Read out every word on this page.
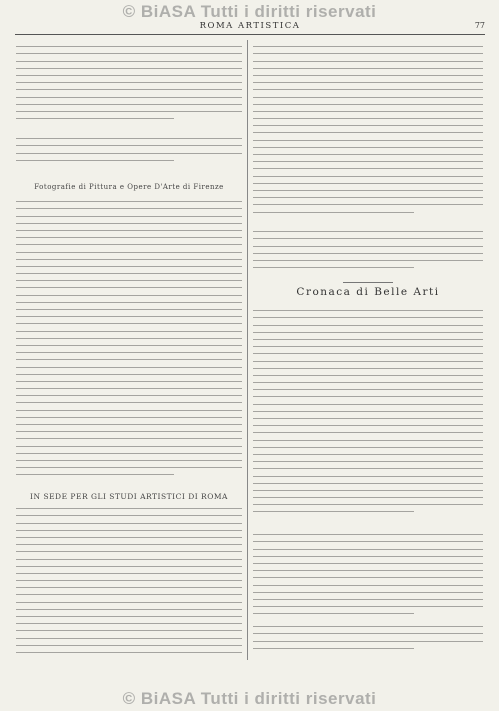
© BiASA Tutti i diritti riservati
ROMA ARTISTICA	77
Fotografie di Pittura e Opere D'Arte di Firenze
IN SEDE PER GLI STUDI ARTISTICI DI ROMA
Cronaca di Belle Arti
© BiASA Tutti i diritti riservati
